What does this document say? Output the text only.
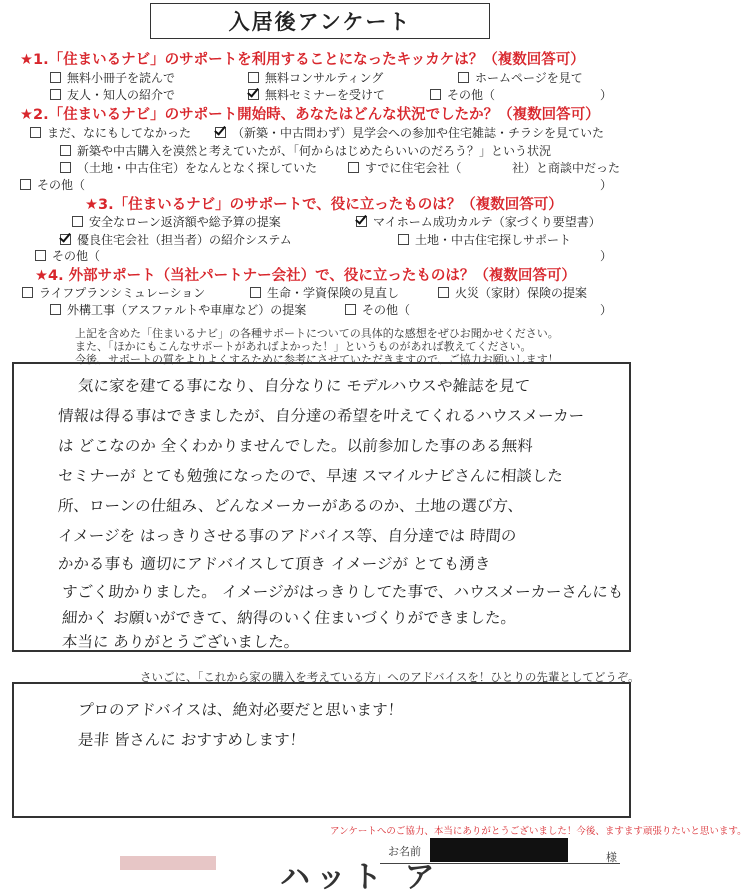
入居後アンケート
★1.「住まいるナビ」のサポートを利用することになったキッカケは？（複数回答可）
無料小冊子を読んで	無料コンサルティング	ホームページを見て
友人・知人の紹介で	無料セミナーを受けて	その他（	）
★2.「住まいるナビ」のサポート開始時、あなたはどんな状況でしたか？（複数回答可）
まだ、なにもしてなかった	（新築・中古問わず）見学会への参加や住宅雑誌・チラシを見ていた
新築や中古購入を漠然と考えていたが、「何からはじめたらいいのだろう？」という状況
（土地・中古住宅）をなんとなく探していた	すでに住宅会社（	社）と商談中だった
その他（	）
★3.「住まいるナビ」のサポートで、役に立ったものは？（複数回答可）
安全なローン返済額や総予算の提案	マイホーム成功カルテ（家づくり要望書）
優良住宅会社（担当者）の紹介システム	土地・中古住宅探しサポート
その他（	）
★4. 外部サポート（当社パートナー会社）で、役に立ったものは？（複数回答可）
ライフプランシミュレーション	生命・学資保険の見直し	火災（家財）保険の提案
外構工事（アスファルトや車庫など）の提案	その他（	）
上記を含めた「住まいるナビ」の各種サポートについての具体的な感想をぜひお聞かせください。
また、「ほかにもこんなサポートがあればよかった！」というものがあれば教えてください。
今後、サポートの質をよりよくするために参考にさせていただきますので、ご協力お願いします！
気に家を建てる事になり、自分なりに モデルハウスや雑誌を見て
情報は得る事はできましたが、自分達の希望を叶えてくれるハウスメーカー
は どこなのか 全くわかりませんでした。以前参加した事のある無料
セミナーが とても勉強になったので、早速 スマイルナビさんに相談した
所、ローンの仕組み、どんなメーカーがあるのか、土地の選び方、
イメージを はっきりさせる事のアドバイス等、自分達では 時間の
かかる事も 適切にアドバイスして頂き イメージが とても湧き
すごく助かりました。 イメージがはっきりしてた事で、ハウスメーカーさんにも
細かく お願いができて、納得のいく住まいづくりができました。
本当に ありがとうございました。
さいごに、「これから家の購入を考えている方」へのアドバイスを！ひとりの先輩としてどうぞ。
プロのアドバイスは、絶対必要だと思います！
是非 皆さんに おすすめします！
アンケートへのご協力、本当にありがとうございました！今後、ますます頑張りたいと思います。
お名前	様
ハット ア
